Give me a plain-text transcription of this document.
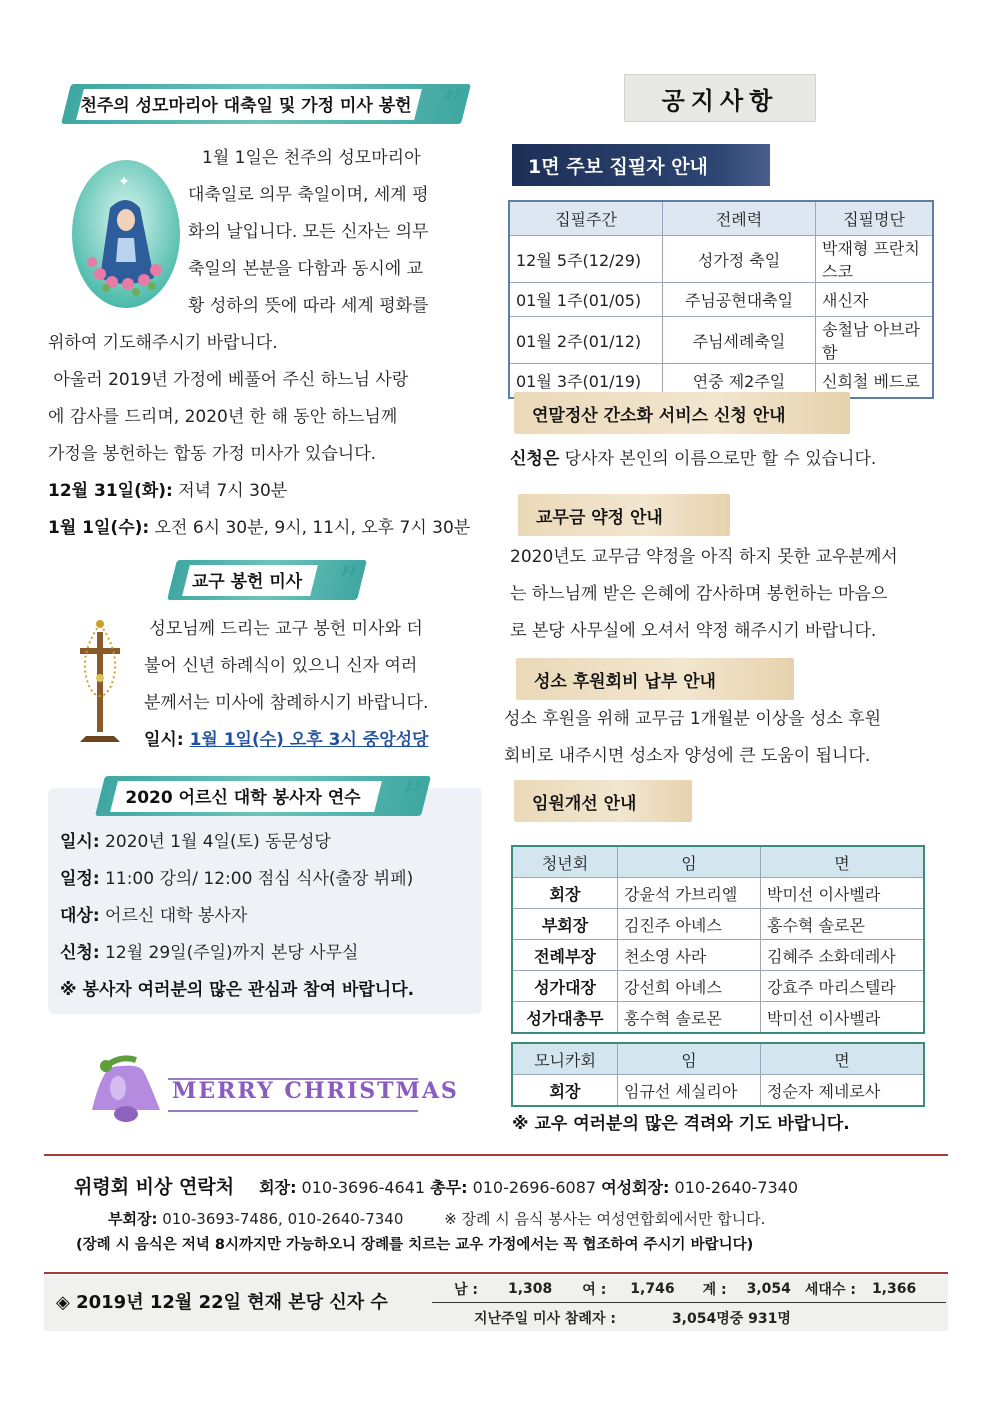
천주의 성모마리아 대축일 및 가정 미사 봉헌 ”
✦
1월 1일은 천주의 성모마리아
대축일로 의무 축일이며, 세계 평
화의 날입니다. 모든 신자는 의무
축일의 본분을 다함과 동시에 교
황 성하의 뜻에 따라 세계 평화를
위하여 기도해주시기 바랍니다.
아울러 2019년 가정에 베풀어 주신 하느님 사랑
에 감사를 드리며, 2020년 한 해 동안 하느님께
가정을 봉헌하는 합동 가정 미사가 있습니다.
12월 31일(화): 저녁 7시 30분
1월 1일(수): 오전 6시 30분, 9시, 11시, 오후 7시 30분
교구 봉헌 미사	”
성모님께 드리는 교구 봉헌 미사와 더
불어 신년 하례식이 있으니 신자 여러
분께서는 미사에 참례하시기 바랍니다.
일시: 1월 1일(수) 오후 3시 중앙성당
2020 어르신 대학 봉사자 연수	”
일시: 2020년 1월 4일(토) 동문성당
일정: 11:00 강의/ 12:00 점심 식사(출장 뷔페)
대상: 어르신 대학 봉사자
신청: 12월 29일(주일)까지 본당 사무실
※ 봉사자 여러분의 많은 관심과 참여 바랍니다.
MERRY CHRISTMAS
공지사항
1면 주보 집필자 안내
집필주간	전례력	집필명단
12월 5주(12/29)	성가정 축일	박재형 프란치스코
01월 1주(01/05)	주님공현대축일	새신자
01월 2주(01/12)	주님세례축일	송철남 아브라함
01월 3주(01/19)	연중 제2주일	신희철 베드로
연말정산 간소화 서비스 신청 안내
신청은 당사자 본인의 이름으로만 할 수 있습니다.
교무금 약정 안내
2020년도 교무금 약정을 아직 하지 못한 교우분께서
는 하느님께 받은 은혜에 감사하며 봉헌하는 마음으
로 본당 사무실에 오셔서 약정 해주시기 바랍니다.
성소 후원회비 납부 안내
성소 후원을 위해 교무금 1개월분 이상을 성소 후원
회비로 내주시면 성소자 양성에 큰 도움이 됩니다.
임원개선 안내
청년회	임	면
회장	강윤석 가브리엘	박미선 이사벨라
부회장	김진주 아녜스	홍수혁 솔로몬
전례부장	천소영 사라	김혜주 소화데레사
성가대장	강선희 아녜스	강효주 마리스텔라
성가대총무	홍수혁 솔로몬	박미선 이사벨라
모니카회	임	면
회장	임규선 세실리아	정순자 제네로사
※ 교우 여러분의 많은 격려와 기도 바랍니다.
위령회 비상 연락처 회장: 010-3696-4641 총무: 010-2696-6087 여성회장: 010-2640-7340
부회장: 010-3693-7486, 010-2640-7340	※ 장례 시 음식 봉사는 여성연합회에서만 합니다.
(장례 시 음식은 저녁 8시까지만 가능하오니 장례를 치르는 교우 가정에서는 꼭 협조하여 주시기 바랍니다)
◈ 2019년 12월 22일 현재 본당 신자 수
남 : 1,308 여 : 1,746 계 : 3,054 세대수 : 1,366
지난주일 미사 참례자 :	3,054명중 931명
